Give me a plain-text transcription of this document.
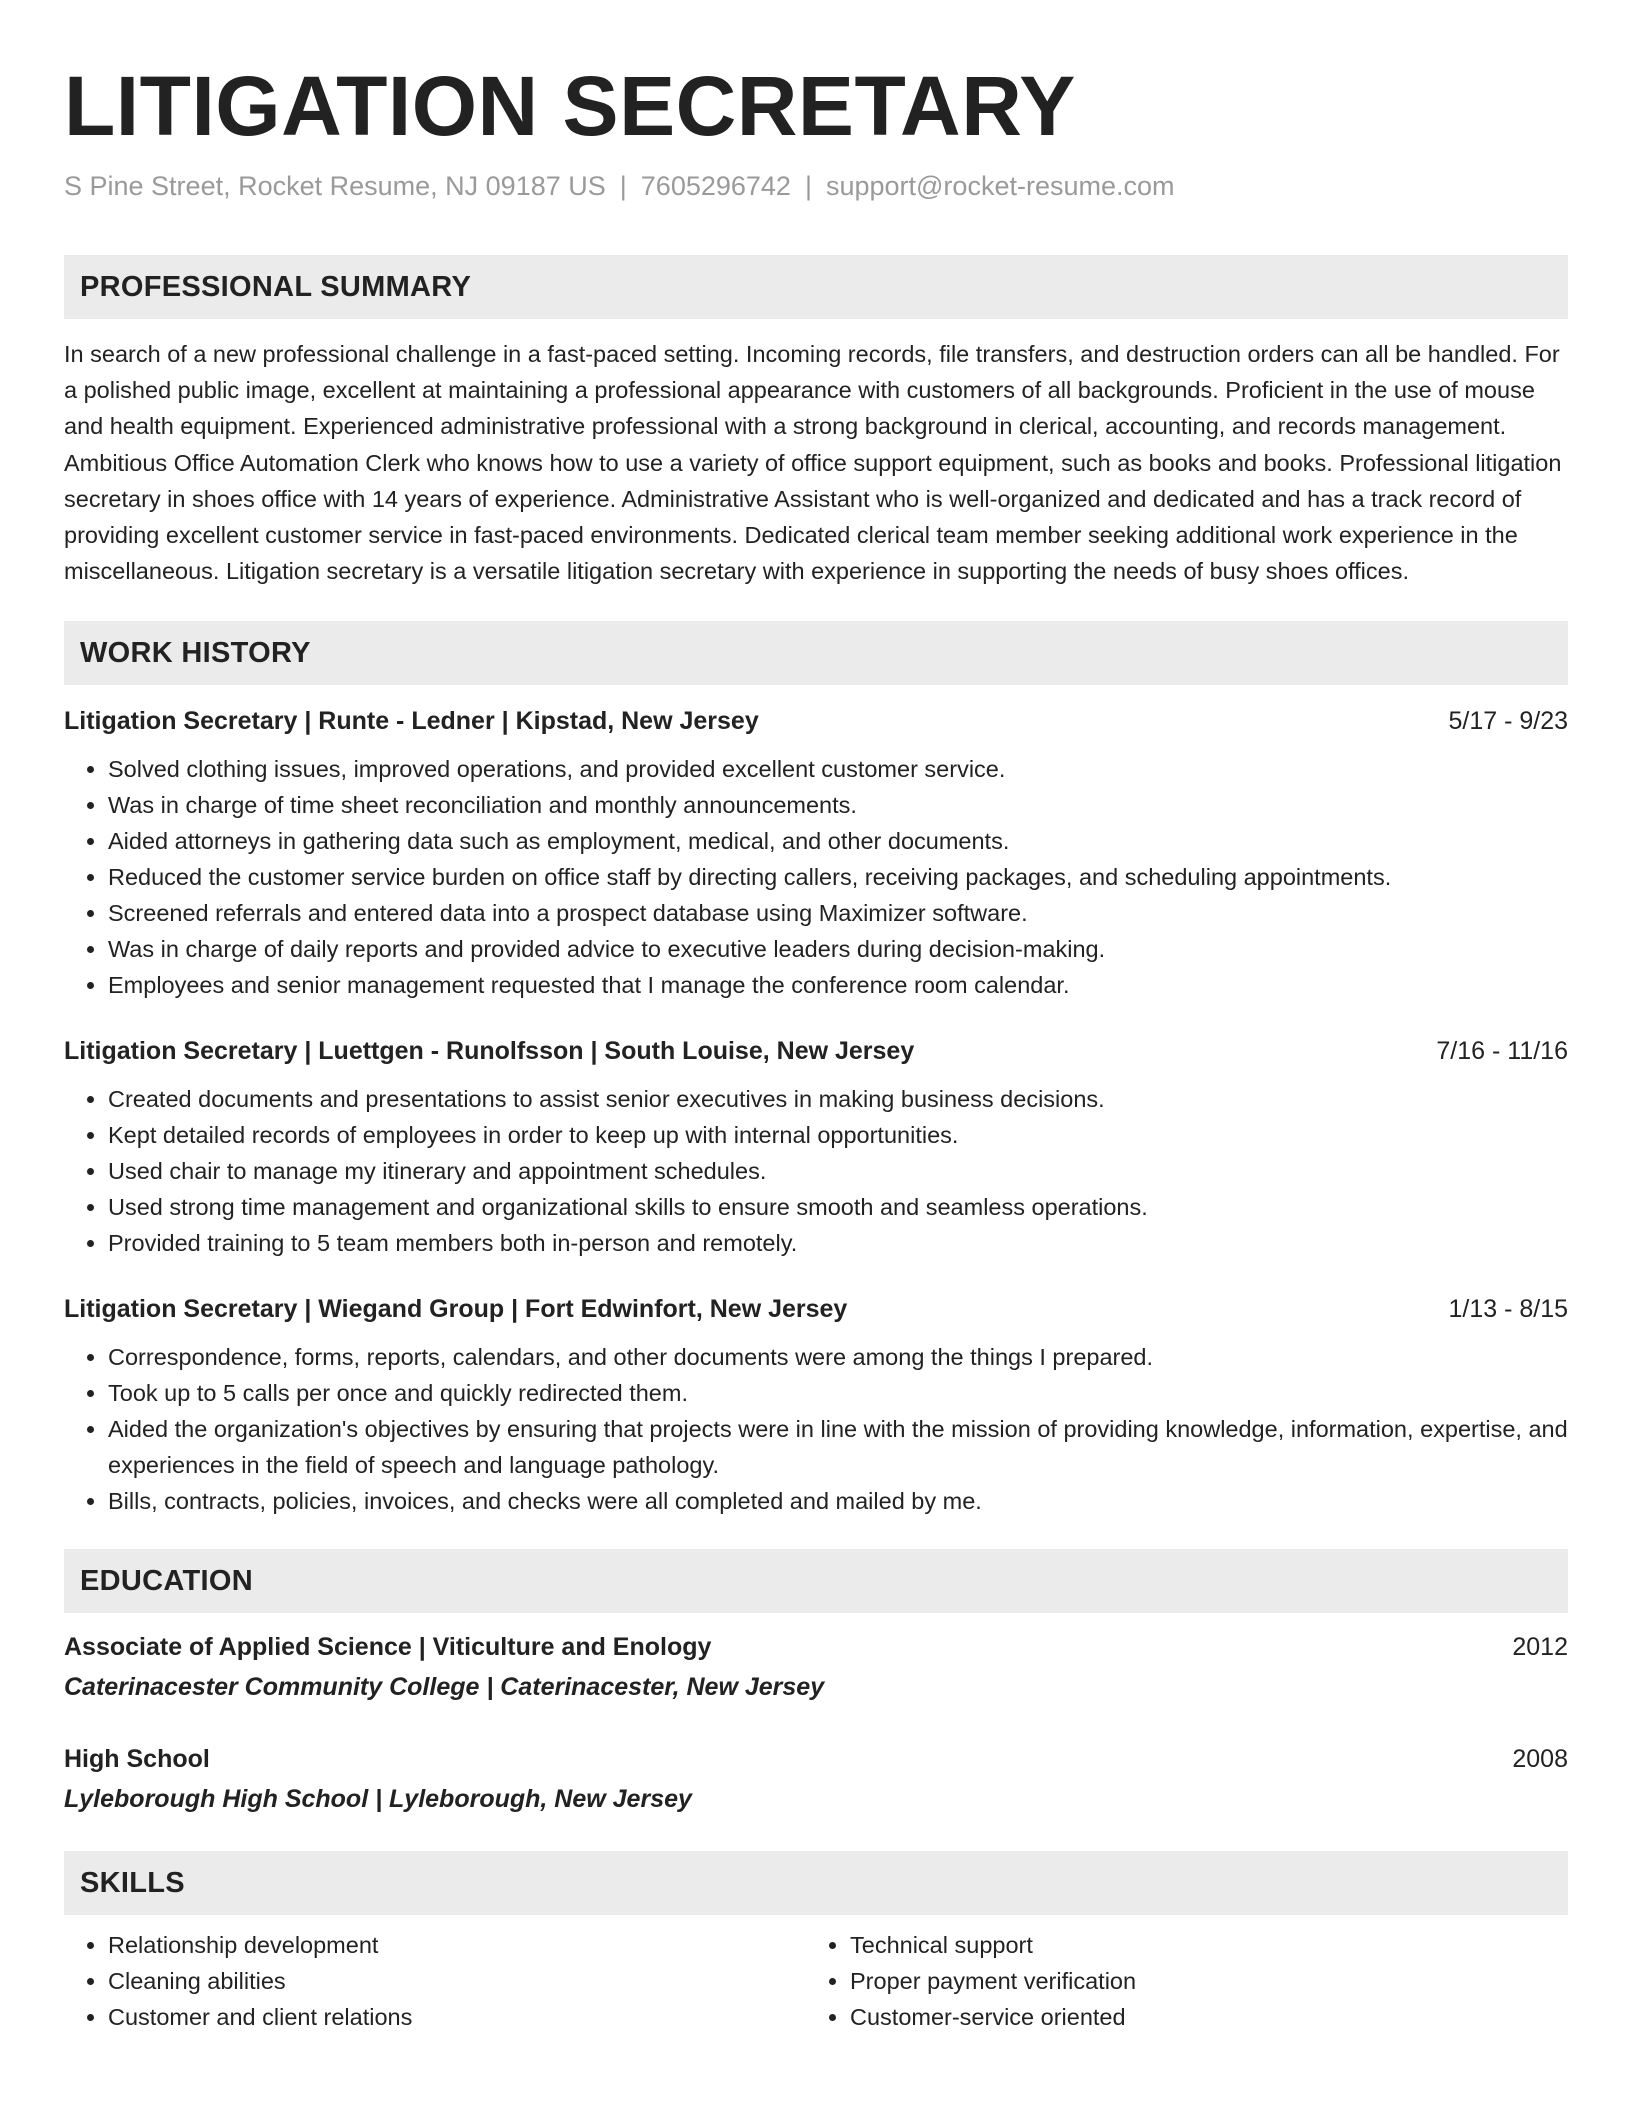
LITIGATION SECRETARY
S Pine Street, Rocket Resume, NJ 09187 US | 7605296742 | support@rocket-resume.com
PROFESSIONAL SUMMARY
In search of a new professional challenge in a fast-paced setting. Incoming records, file transfers, and destruction orders can all be handled. For a polished public image, excellent at maintaining a professional appearance with customers of all backgrounds. Proficient in the use of mouse and health equipment. Experienced administrative professional with a strong background in clerical, accounting, and records management. Ambitious Office Automation Clerk who knows how to use a variety of office support equipment, such as books and books. Professional litigation secretary in shoes office with 14 years of experience. Administrative Assistant who is well-organized and dedicated and has a track record of providing excellent customer service in fast-paced environments. Dedicated clerical team member seeking additional work experience in the miscellaneous. Litigation secretary is a versatile litigation secretary with experience in supporting the needs of busy shoes offices.
WORK HISTORY
Litigation Secretary | Runte - Ledner | Kipstad, New Jersey	5/17 - 9/23
• Solved clothing issues, improved operations, and provided excellent customer service.
• Was in charge of time sheet reconciliation and monthly announcements.
• Aided attorneys in gathering data such as employment, medical, and other documents.
• Reduced the customer service burden on office staff by directing callers, receiving packages, and scheduling appointments.
• Screened referrals and entered data into a prospect database using Maximizer software.
• Was in charge of daily reports and provided advice to executive leaders during decision-making.
• Employees and senior management requested that I manage the conference room calendar.
Litigation Secretary | Luettgen - Runolfsson | South Louise, New Jersey	7/16 - 11/16
• Created documents and presentations to assist senior executives in making business decisions.
• Kept detailed records of employees in order to keep up with internal opportunities.
• Used chair to manage my itinerary and appointment schedules.
• Used strong time management and organizational skills to ensure smooth and seamless operations.
• Provided training to 5 team members both in-person and remotely.
Litigation Secretary | Wiegand Group | Fort Edwinfort, New Jersey	1/13 - 8/15
• Correspondence, forms, reports, calendars, and other documents were among the things I prepared.
• Took up to 5 calls per once and quickly redirected them.
• Aided the organization's objectives by ensuring that projects were in line with the mission of providing knowledge, information, expertise, and experiences in the field of speech and language pathology.
• Bills, contracts, policies, invoices, and checks were all completed and mailed by me.
EDUCATION
Associate of Applied Science | Viticulture and Enology	2012
Caterinacester Community College | Caterinacester, New Jersey
High School	2008
Lyleborough High School | Lyleborough, New Jersey
SKILLS
• Relationship development
• Cleaning abilities
• Customer and client relations
• Technical support
• Proper payment verification
• Customer-service oriented
